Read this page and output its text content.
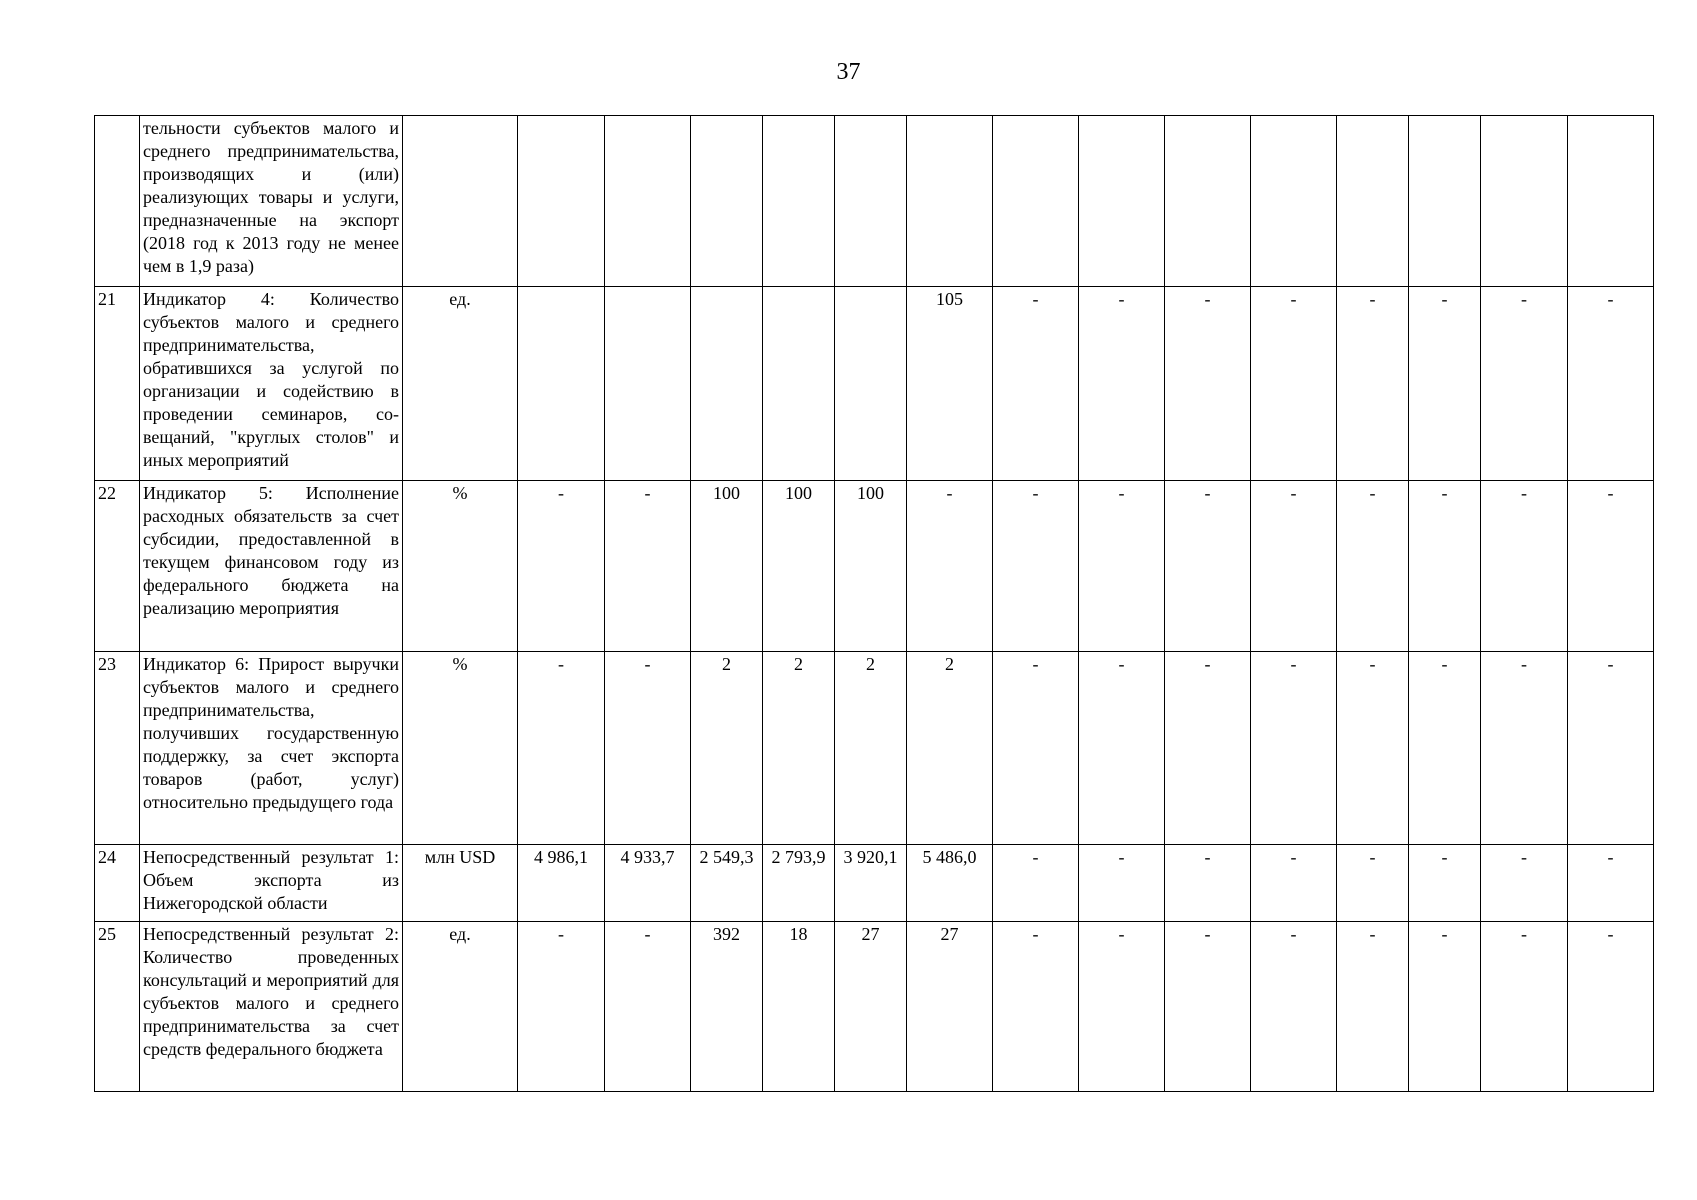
37
	тельности субъектов малого и среднего предпринимательства, производящих и (или) реализующих товары и услуги, предназначенные на экспорт (2018 год к 2013 году не менее чем в 1,9 раза)															
21	Индикатор 4: Количество субъектов малого и среднего предпринимательства, обратившихся за услугой по организации и содействию в проведении семинаров, совещаний, "круглых столов" и иных мероприятий	ед.						105	-	-	-	-	-	-	-	-
22	Индикатор 5: Исполнение расходных обязательств за счет субсидии, предоставленной в текущем финансовом году из федерального бюджета на реализацию мероприятия	%	-	-	100	100	100	-	-	-	-	-	-	-	-	-
23	Индикатор 6: Прирост выручки субъектов малого и среднего предпринимательства, получивших государственную поддержку, за счет экспорта товаров (работ, услуг) относительно предыдущего года	%	-	-	2	2	2	2	-	-	-	-	-	-	-	-
24	Непосредственный результат 1: Объем экспорта из Нижегородской области	млн USD	4 986,1	4 933,7	2 549,3	2 793,9	3 920,1	5 486,0	-	-	-	-	-	-	-	-
25	Непосредственный результат 2: Количество проведенных консультаций и мероприятий для субъектов малого и среднего предпринимательства за счет средств федерального бюджета	ед.	-	-	392	18	27	27	-	-	-	-	-	-	-	-
